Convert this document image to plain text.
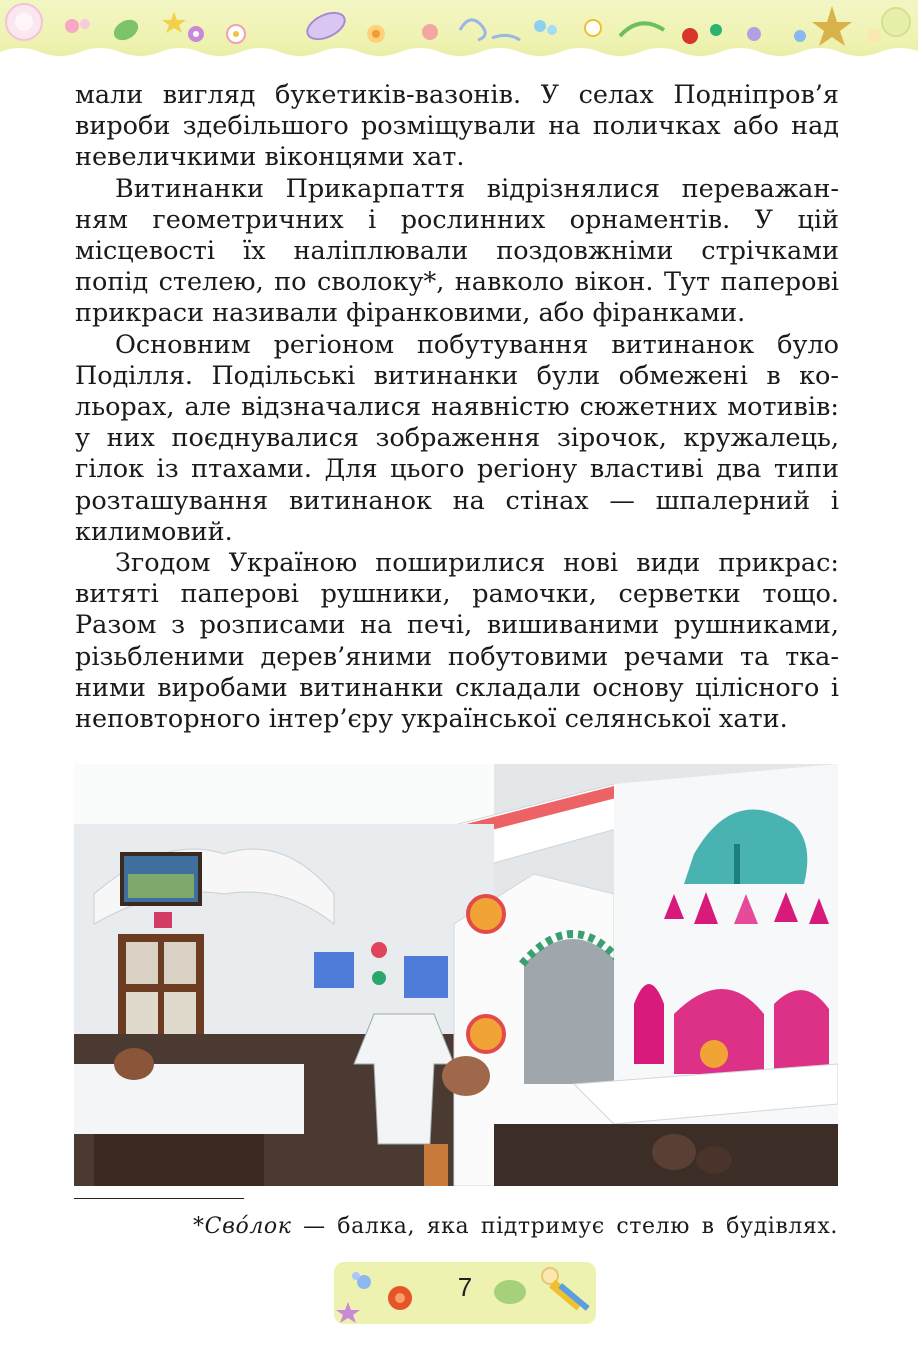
мали вигляд букетиків-вазонів. У селах Подніпров’я вироби здебільшого розміщували на поличках або над невеличкими віконцями хат.

Витинанки Прикарпаття відрізнялися переважанням геометричних і рослинних орнаментів. У цій місцевості їх наліплювали поздовжніми стрічками попід стелею, по сволоку*, навколо вікон. Тут паперові прикраси називали фіранковими, або фіранками.

Основним регіоном побутування витинанок було Поділля. Подільські витинанки були обмежені в кольорах, але відзначалися наявністю сюжетних мотивів: у них поєднувалися зображення зірочок, кружалець, гілок із птахами. Для цього регіону властиві два типи розташування витинанок на стінах — шпалерний і килимовий.

Згодом Україною поширилися нові види прикрас: витяті паперові рушники, рамочки, серветки тощо. Разом з розписами на печі, вишиваними рушниками, різьбленими дерев’яними побутовими речами та тканими виробами витинанки складали основу цілісного і неповторного інтер’єру української селянської хати.

*Сво́лок — балка, яка підтримує стелю в будівлях.
7
